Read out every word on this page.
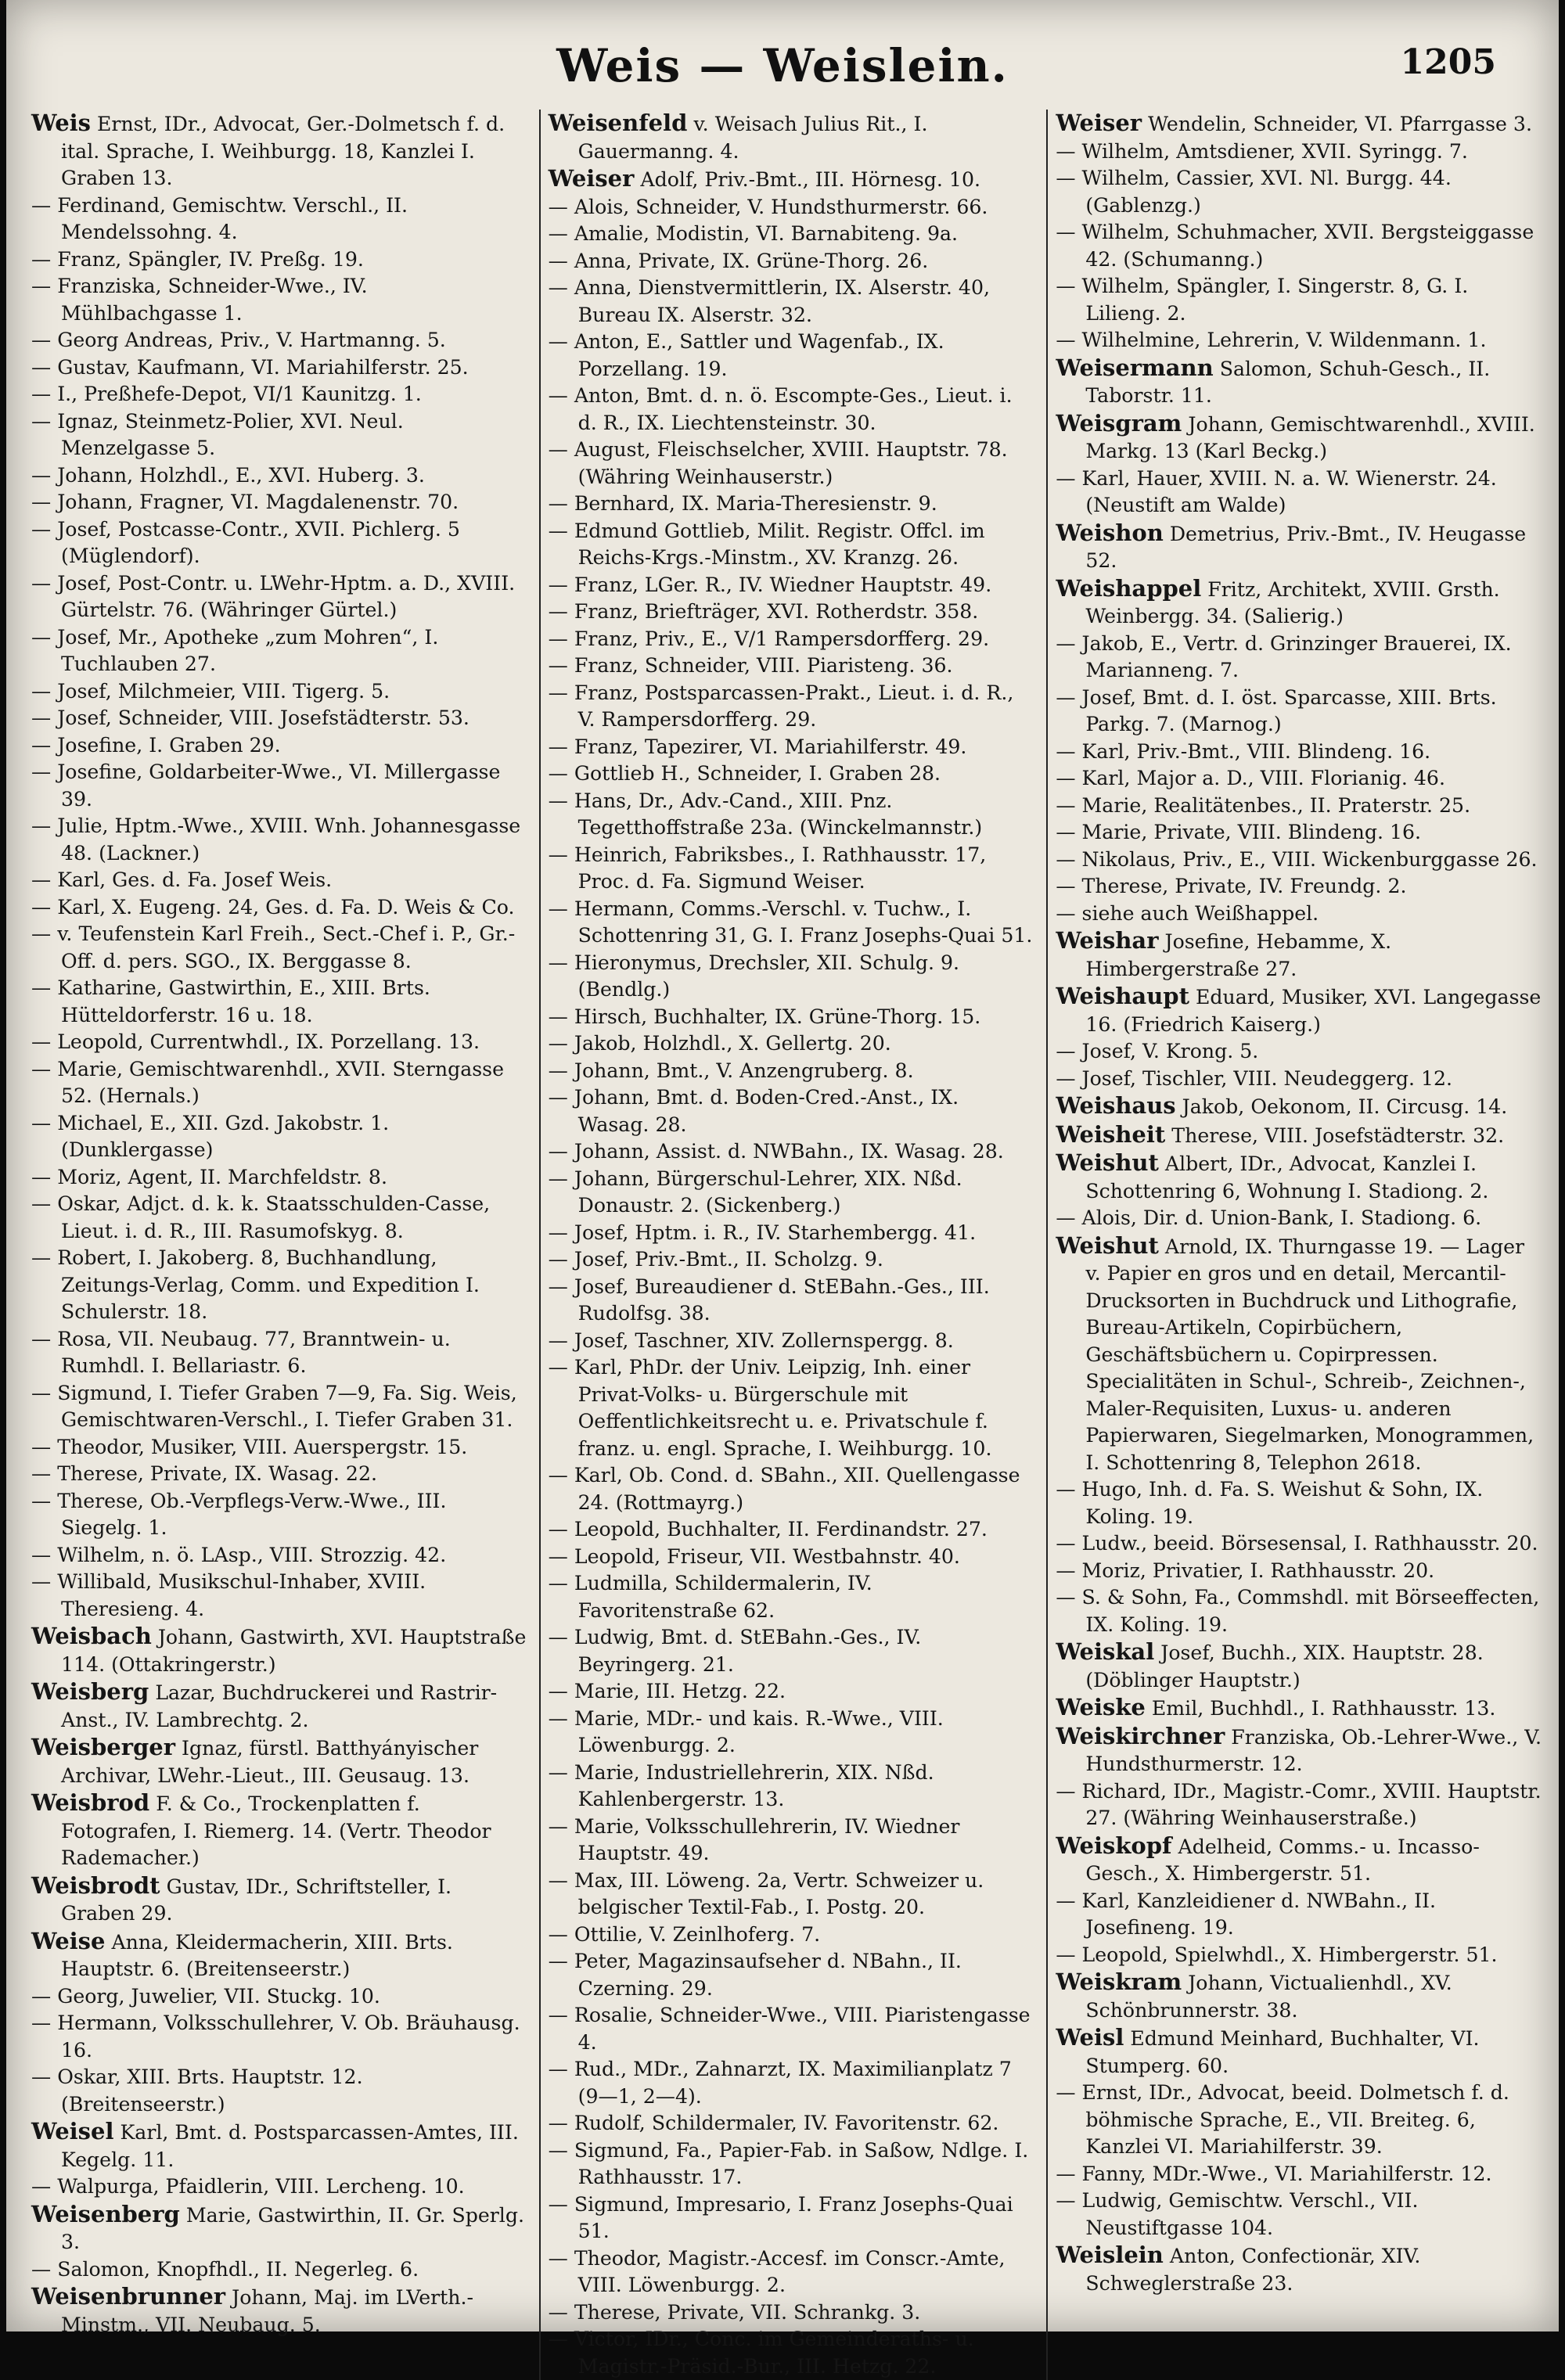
Weis — Weislein.	1205

Weis Ernst, IDr., Advocat, Ger.-Dolmetsch f. d. ital. Sprache, I. Weihburgg. 18, Kanzlei I. Graben 13.

— Ferdinand, Gemischtw. Verschl., II. Mendelssohng. 4.

— Franz, Spängler, IV. Preßg. 19.

— Franziska, Schneider-Wwe., IV. Mühlbachgasse 1.

— Georg Andreas, Priv., V. Hartmanng. 5.

— Gustav, Kaufmann, VI. Mariahilferstr. 25.

— I., Preßhefe-Depot, VI/1 Kaunitzg. 1.

— Ignaz, Steinmetz-Polier, XVI. Neul. Menzelgasse 5.

— Johann, Holzhdl., E., XVI. Huberg. 3.

— Johann, Fragner, VI. Magdalenenstr. 70.

— Josef, Postcasse-Contr., XVII. Pichlerg. 5 (Müglendorf).

— Josef, Post-Contr. u. LWehr-Hptm. a. D., XVIII. Gürtelstr. 76. (Währinger Gürtel.)

— Josef, Mr., Apotheke „zum Mohren“, I. Tuchlauben 27.

— Josef, Milchmeier, VIII. Tigerg. 5.

— Josef, Schneider, VIII. Josefstädterstr. 53.

— Josefine, I. Graben 29.

— Josefine, Goldarbeiter-Wwe., VI. Millergasse 39.

— Julie, Hptm.-Wwe., XVIII. Wnh. Johannesgasse 48. (Lackner.)

— Karl, Ges. d. Fa. Josef Weis.

— Karl, X. Eugeng. 24, Ges. d. Fa. D. Weis & Co.

— v. Teufenstein Karl Freih., Sect.-Chef i. P., Gr.-Off. d. pers. SGO., IX. Berggasse 8.

— Katharine, Gastwirthin, E., XIII. Brts. Hütteldorferstr. 16 u. 18.

— Leopold, Currentwhdl., IX. Porzellang. 13.

— Marie, Gemischtwarenhdl., XVII. Sterngasse 52. (Hernals.)

— Michael, E., XII. Gzd. Jakobstr. 1. (Dunklergasse)

— Moriz, Agent, II. Marchfeldstr. 8.

— Oskar, Adjct. d. k. k. Staatsschulden-Casse, Lieut. i. d. R., III. Rasumofskyg. 8.

— Robert, I. Jakoberg. 8, Buchhandlung, Zeitungs-Verlag, Comm. und Expedition I. Schulerstr. 18.

— Rosa, VII. Neubaug. 77, Branntwein- u. Rumhdl. I. Bellariastr. 6.

— Sigmund, I. Tiefer Graben 7—9, Fa. Sig. Weis, Gemischtwaren-Verschl., I. Tiefer Graben 31.

— Theodor, Musiker, VIII. Auerspergstr. 15.

— Therese, Private, IX. Wasag. 22.

— Therese, Ob.-Verpflegs-Verw.-Wwe., III. Siegelg. 1.

— Wilhelm, n. ö. LAsp., VIII. Strozzig. 42.

— Willibald, Musikschul-Inhaber, XVIII. Theresieng. 4.

Weisbach Johann, Gastwirth, XVI. Hauptstraße 114. (Ottakringerstr.)

Weisberg Lazar, Buchdruckerei und Rastrir-Anst., IV. Lambrechtg. 2.

Weisberger Ignaz, fürstl. Batthyányischer Archivar, LWehr.-Lieut., III. Geusaug. 13.

Weisbrod F. & Co., Trockenplatten f. Fotografen, I. Riemerg. 14. (Vertr. Theodor Rademacher.)

Weisbrodt Gustav, IDr., Schriftsteller, I. Graben 29.

Weise Anna, Kleidermacherin, XIII. Brts. Hauptstr. 6. (Breitenseerstr.)

— Georg, Juwelier, VII. Stuckg. 10.

— Hermann, Volksschullehrer, V. Ob. Bräuhausg. 16.

— Oskar, XIII. Brts. Hauptstr. 12. (Breitenseerstr.)

Weisel Karl, Bmt. d. Postsparcassen-Amtes, III. Kegelg. 11.

— Walpurga, Pfaidlerin, VIII. Lercheng. 10.

Weisenberg Marie, Gastwirthin, II. Gr. Sperlg. 3.

— Salomon, Knopfhdl., II. Negerleg. 6.

Weisenbrunner Johann, Maj. im LVerth.-Minstm., VII. Neubaug. 5.

Weisenfeld v. Weisach Julius Rit., I. Gauermanng. 4.

Weiser Adolf, Priv.-Bmt., III. Hörnesg. 10.

— Alois, Schneider, V. Hundsthurmerstr. 66.

— Amalie, Modistin, VI. Barnabiteng. 9a.

— Anna, Private, IX. Grüne-Thorg. 26.

— Anna, Dienstvermittlerin, IX. Alserstr. 40, Bureau IX. Alserstr. 32.

— Anton, E., Sattler und Wagenfab., IX. Porzellang. 19.

— Anton, Bmt. d. n. ö. Escompte-Ges., Lieut. i. d. R., IX. Liechtensteinstr. 30.

— August, Fleischselcher, XVIII. Hauptstr. 78. (Währing Weinhauserstr.)

— Bernhard, IX. Maria-Theresienstr. 9.

— Edmund Gottlieb, Milit. Registr. Offcl. im Reichs-Krgs.-Minstm., XV. Kranzg. 26.

— Franz, LGer. R., IV. Wiedner Hauptstr. 49.

— Franz, Briefträger, XVI. Rotherdstr. 358.

— Franz, Priv., E., V/1 Rampersdorfferg. 29.

— Franz, Schneider, VIII. Piaristeng. 36.

— Franz, Postsparcassen-Prakt., Lieut. i. d. R., V. Rampersdorfferg. 29.

— Franz, Tapezirer, VI. Mariahilferstr. 49.

— Gottlieb H., Schneider, I. Graben 28.

— Hans, Dr., Adv.-Cand., XIII. Pnz. Tegetthoffstraße 23a. (Winckelmannstr.)

— Heinrich, Fabriksbes., I. Rathhausstr. 17, Proc. d. Fa. Sigmund Weiser.

— Hermann, Comms.-Verschl. v. Tuchw., I. Schottenring 31, G. I. Franz Josephs-Quai 51.

— Hieronymus, Drechsler, XII. Schulg. 9. (Bendlg.)

— Hirsch, Buchhalter, IX. Grüne-Thorg. 15.

— Jakob, Holzhdl., X. Gellertg. 20.

— Johann, Bmt., V. Anzengruberg. 8.

— Johann, Bmt. d. Boden-Cred.-Anst., IX. Wasag. 28.

— Johann, Assist. d. NWBahn., IX. Wasag. 28.

— Johann, Bürgerschul-Lehrer, XIX. Nßd. Donaustr. 2. (Sickenberg.)

— Josef, Hptm. i. R., IV. Starhembergg. 41.

— Josef, Priv.-Bmt., II. Scholzg. 9.

— Josef, Bureaudiener d. StEBahn.-Ges., III. Rudolfsg. 38.

— Josef, Taschner, XIV. Zollernspergg. 8.

— Karl, PhDr. der Univ. Leipzig, Inh. einer Privat-Volks- u. Bürgerschule mit Oeffentlichkeitsrecht u. e. Privatschule f. franz. u. engl. Sprache, I. Weihburgg. 10.

— Karl, Ob. Cond. d. SBahn., XII. Quellengasse 24. (Rottmayrg.)

— Leopold, Buchhalter, II. Ferdinandstr. 27.

— Leopold, Friseur, VII. Westbahnstr. 40.

— Ludmilla, Schildermalerin, IV. Favoritenstraße 62.

— Ludwig, Bmt. d. StEBahn.-Ges., IV. Beyringerg. 21.

— Marie, III. Hetzg. 22.

— Marie, MDr.- und kais. R.-Wwe., VIII. Löwenburgg. 2.

— Marie, Industriellehrerin, XIX. Nßd. Kahlenbergerstr. 13.

— Marie, Volksschullehrerin, IV. Wiedner Hauptstr. 49.

— Max, III. Löweng. 2a, Vertr. Schweizer u. belgischer Textil-Fab., I. Postg. 20.

— Ottilie, V. Zeinlhoferg. 7.

— Peter, Magazinsaufseher d. NBahn., II. Czerning. 29.

— Rosalie, Schneider-Wwe., VIII. Piaristengasse 4.

— Rud., MDr., Zahnarzt, IX. Maximilianplatz 7 (9—1, 2—4).

— Rudolf, Schildermaler, IV. Favoritenstr. 62.

— Sigmund, Fa., Papier-Fab. in Saßow, Ndlge. I. Rathhausstr. 17.

— Sigmund, Impresario, I. Franz Josephs-Quai 51.

— Theodor, Magistr.-Accesf. im Conscr.-Amte, VIII. Löwenburgg. 2.

— Therese, Private, VII. Schrankg. 3.

— Victor, IDr., Conc. im Gemeinderaths- u. Magistr.-Präsid.-Bur., III. Hetzg. 22.

Weiser Wendelin, Schneider, VI. Pfarrgasse 3.

— Wilhelm, Amtsdiener, XVII. Syringg. 7.

— Wilhelm, Cassier, XVI. Nl. Burgg. 44. (Gablenzg.)

— Wilhelm, Schuhmacher, XVII. Bergsteiggasse 42. (Schumanng.)

— Wilhelm, Spängler, I. Singerstr. 8, G. I. Lilieng. 2.

— Wilhelmine, Lehrerin, V. Wildenmann. 1.

Weisermann Salomon, Schuh-Gesch., II. Taborstr. 11.

Weisgram Johann, Gemischtwarenhdl., XVIII. Markg. 13 (Karl Beckg.)

— Karl, Hauer, XVIII. N. a. W. Wienerstr. 24. (Neustift am Walde)

Weishon Demetrius, Priv.-Bmt., IV. Heugasse 52.

Weishappel Fritz, Architekt, XVIII. Grsth. Weinbergg. 34. (Salierig.)

— Jakob, E., Vertr. d. Grinzinger Brauerei, IX. Marianneng. 7.

— Josef, Bmt. d. I. öst. Sparcasse, XIII. Brts. Parkg. 7. (Marnog.)

— Karl, Priv.-Bmt., VIII. Blindeng. 16.

— Karl, Major a. D., VIII. Florianig. 46.

— Marie, Realitätenbes., II. Praterstr. 25.

— Marie, Private, VIII. Blindeng. 16.

— Nikolaus, Priv., E., VIII. Wickenburggasse 26.

— Therese, Private, IV. Freundg. 2.

— siehe auch Weißhappel.

Weishar Josefine, Hebamme, X. Himbergerstraße 27.

Weishaupt Eduard, Musiker, XVI. Langegasse 16. (Friedrich Kaiserg.)

— Josef, V. Krong. 5.

— Josef, Tischler, VIII. Neudeggerg. 12.

Weishaus Jakob, Oekonom, II. Circusg. 14.

Weisheit Therese, VIII. Josefstädterstr. 32.

Weishut Albert, IDr., Advocat, Kanzlei I. Schottenring 6, Wohnung I. Stadiong. 2.

— Alois, Dir. d. Union-Bank, I. Stadiong. 6.

Weishut Arnold, IX. Thurngasse 19. — Lager v. Papier en gros und en detail, Mercantil-Drucksorten in Buchdruck und Lithografie, Bureau-Artikeln, Copirbüchern, Geschäftsbüchern u. Copirpressen. Specialitäten in Schul-, Schreib-, Zeichnen-, Maler-Requisiten, Luxus- u. anderen Papierwaren, Siegelmarken, Monogrammen, I. Schottenring 8, Telephon 2618.

— Hugo, Inh. d. Fa. S. Weishut & Sohn, IX. Koling. 19.

— Ludw., beeid. Börsesensal, I. Rathhausstr. 20.

— Moriz, Privatier, I. Rathhausstr. 20.

— S. & Sohn, Fa., Commshdl. mit Börseeffecten, IX. Koling. 19.

Weiskal Josef, Buchh., XIX. Hauptstr. 28. (Döblinger Hauptstr.)

Weiske Emil, Buchhdl., I. Rathhausstr. 13.

Weiskirchner Franziska, Ob.-Lehrer-Wwe., V. Hundsthurmerstr. 12.

— Richard, IDr., Magistr.-Comr., XVIII. Hauptstr. 27. (Währing Weinhauserstraße.)

Weiskopf Adelheid, Comms.- u. Incasso-Gesch., X. Himbergerstr. 51.

— Karl, Kanzleidiener d. NWBahn., II. Josefineng. 19.

— Leopold, Spielwhdl., X. Himbergerstr. 51.

Weiskram Johann, Victualienhdl., XV. Schönbrunnerstr. 38.

Weisl Edmund Meinhard, Buchhalter, VI. Stumperg. 60.

— Ernst, IDr., Advocat, beeid. Dolmetsch f. d. böhmische Sprache, E., VII. Breiteg. 6, Kanzlei VI. Mariahilferstr. 39.

— Fanny, MDr.-Wwe., VI. Mariahilferstr. 12.

— Ludwig, Gemischtw. Verschl., VII. Neustiftgasse 104.

Weislein Anton, Confectionär, XIV. Schweglerstraße 23.
